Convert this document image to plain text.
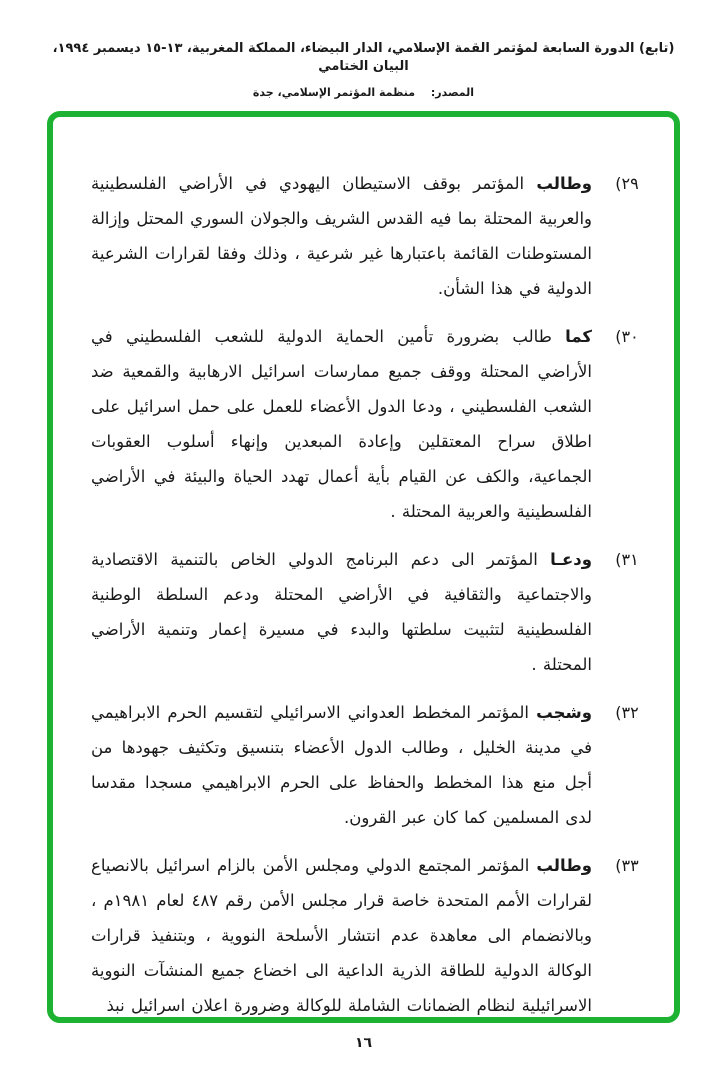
(تابع) الدورة السابعة لمؤتمر القمة الإسلامي، الدار البيضاء، المملكة المغربية، ١٣-١٥ ديسمبر ١٩٩٤، البيان الختامي
المصدر: منظمة المؤتمر الإسلامي، جدة
(٢٩

وطالب المؤتمر بوقف الاستيطان اليهودي في الأراضي الفلسطينية والعربية المحتلة بما فيه القدس الشريف والجولان السوري المحتل وإزالة المستوطنات القائمة باعتبارها غير شرعية ، وذلك وفقا لقرارات الشرعية الدولية في هذا الشأن.

(٣٠

كما طالب بضرورة تأمين الحماية الدولية للشعب الفلسطيني في الأراضي المحتلة ووقف جميع ممارسات اسرائيل الارهابية والقمعية ضد الشعب الفلسطيني ، ودعا الدول الأعضاء للعمل على حمل اسرائيل على اطلاق سراح المعتقلين وإعادة المبعدين وإنهاء أسلوب العقوبات الجماعية، والكف عن القيام بأية أعمال تهدد الحياة والبيئة في الأراضي الفلسطينية والعربية المحتلة .

(٣١

ودعـا المؤتمر الى دعم البرنامج الدولي الخاص بالتنمية الاقتصادية والاجتماعية والثقافية في الأراضي المحتلة ودعم السلطة الوطنية الفلسطينية لتثبيت سلطتها والبدء في مسيرة إعمار وتنمية الأراضي المحتلة .

(٣٢

وشجب المؤتمر المخطط العدواني الاسرائيلي لتقسيم الحرم الابراهيمي في مدينة الخليل ، وطالب الدول الأعضاء بتنسيق وتكثيف جهودها من أجل منع هذا المخطط والحفاظ على الحرم الابراهيمي مسجدا مقدسا لدى المسلمين كما كان عبر القرون.

(٣٣

وطالب المؤتمر المجتمع الدولي ومجلس الأمن بالزام اسرائيل بالانصياع لقرارات الأمم المتحدة خاصة قرار مجلس الأمن رقم ٤٨٧ لعام ١٩٨١م ، وبالانضمام الى معاهدة عدم انتشار الأسلحة النووية ، وبتنفيذ قرارات الوكالة الدولية للطاقة الذرية الداعية الى اخضاع جميع المنشآت النووية الاسرائيلية لنظام الضمانات الشاملة للوكالة وضرورة اعلان اسرائيل نبذ

١٦
